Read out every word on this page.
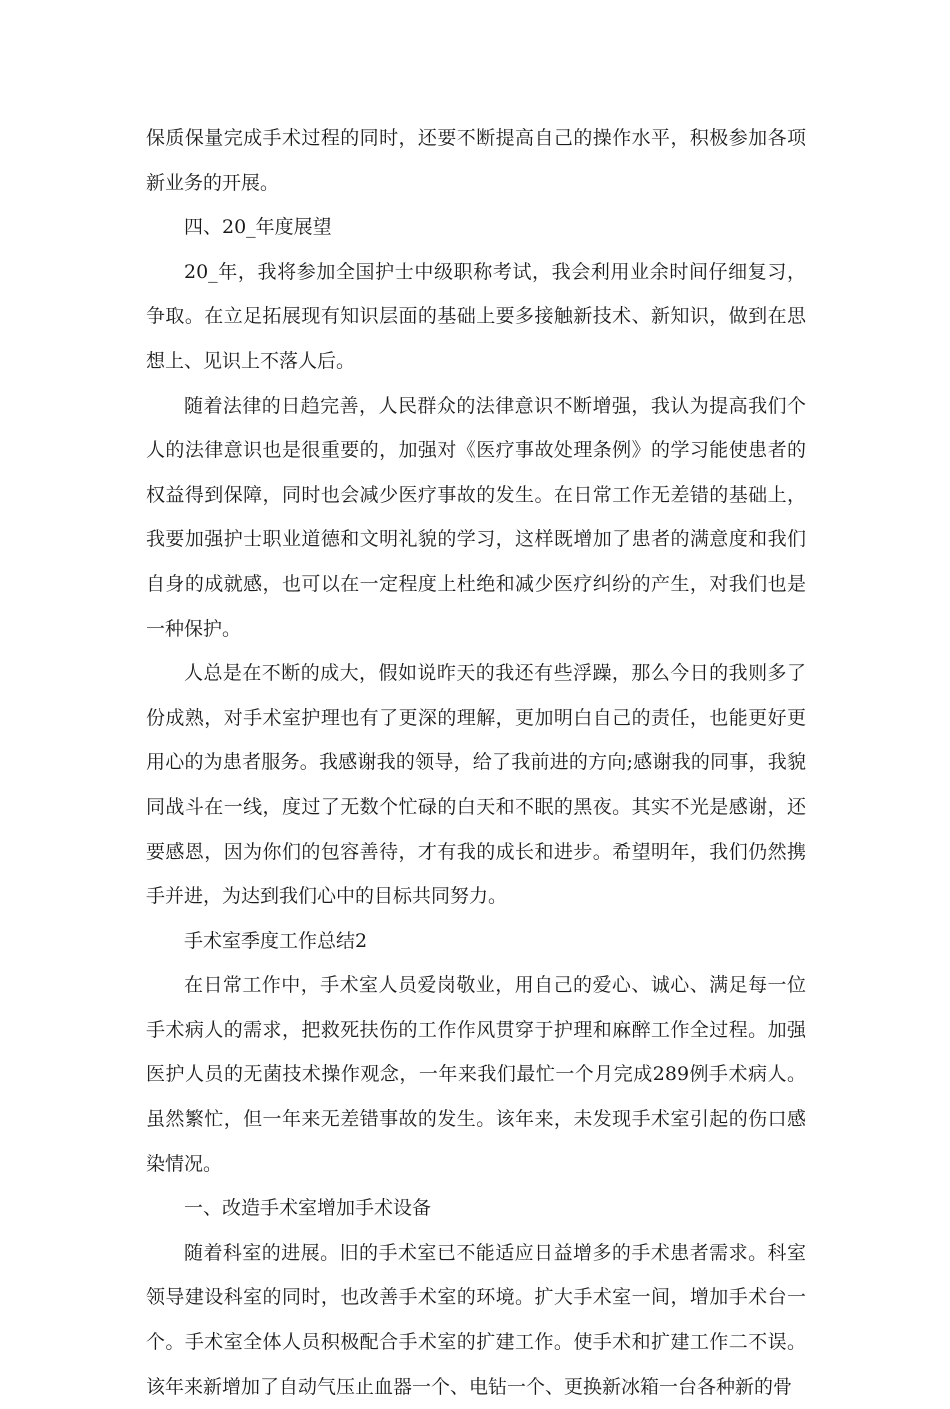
保质保量完成手术过程的同时，还要不断提高自己的操作水平，积极参加各项新业务的开展。

四、20_年度展望

20_年，我将参加全国护士中级职称考试，我会利用业余时间仔细复习，争取。在立足拓展现有知识层面的基础上要多接触新技术、新知识，做到在思想上、见识上不落人后。

随着法律的日趋完善，人民群众的法律意识不断增强，我认为提高我们个人的法律意识也是很重要的，加强对《医疗事故处理条例》的学习能使患者的权益得到保障，同时也会减少医疗事故的发生。在日常工作无差错的基础上，我要加强护士职业道德和文明礼貌的学习，这样既增加了患者的满意度和我们自身的成就感，也可以在一定程度上杜绝和减少医疗纠纷的产生，对我们也是一种保护。

人总是在不断的成大，假如说昨天的我还有些浮躁，那么今日的我则多了份成熟，对手术室护理也有了更深的理解，更加明白自己的责任，也能更好更用心的为患者服务。我感谢我的领导，给了我前进的方向;感谢我的同事，我貌同战斗在一线，度过了无数个忙碌的白天和不眠的黑夜。其实不光是感谢，还要感恩，因为你们的包容善待，才有我的成长和进步。希望明年，我们仍然携手并进，为达到我们心中的目标共同努力。

手术室季度工作总结2

在日常工作中，手术室人员爱岗敬业，用自己的爱心、诚心、满足每一位手术病人的需求，把救死扶伤的工作作风贯穿于护理和麻醉工作全过程。加强医护人员的无菌技术操作观念，一年来我们最忙一个月完成289例手术病人。虽然繁忙，但一年来无差错事故的发生。该年来，未发现手术室引起的伤口感染情况。

一、改造手术室增加手术设备

随着科室的进展。旧的手术室已不能适应日益增多的手术患者需求。科室领导建设科室的同时，也改善手术室的环境。扩大手术室一间，增加手术台一个。手术室全体人员积极配合手术室的扩建工作。使手术和扩建工作二不误。该年来新增加了自动气压止血器一个、电钻一个、更换新冰箱一台各种新的骨
